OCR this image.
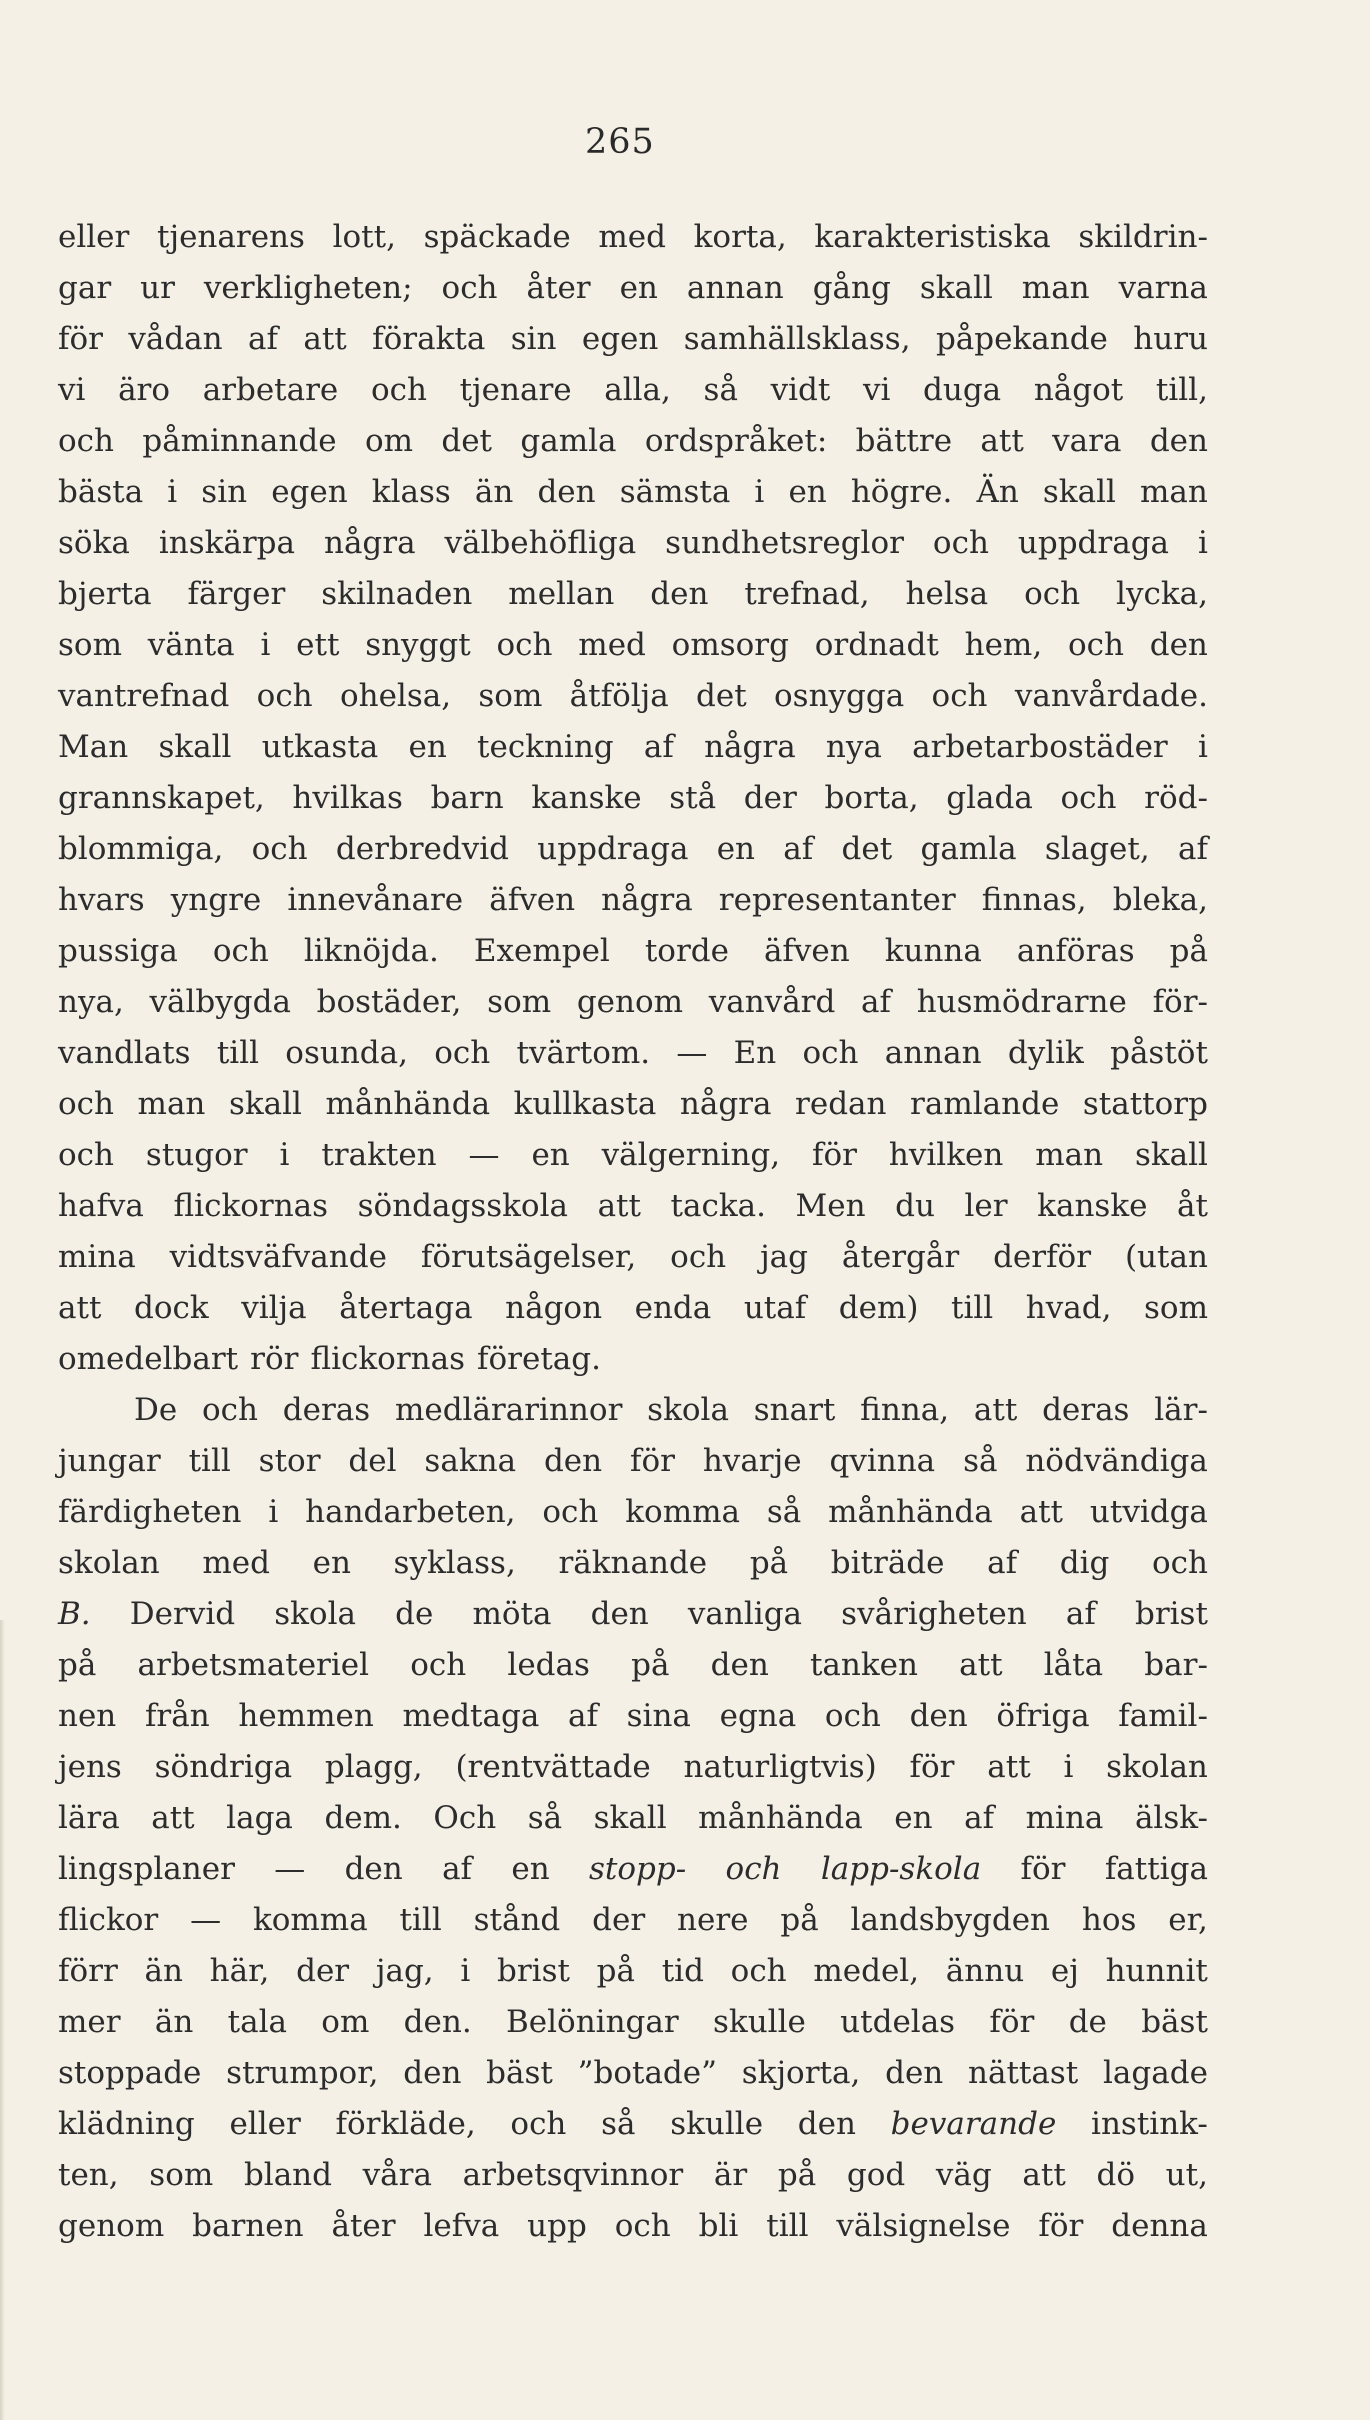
265
eller tjenarens lott, späckade med korta, karakteristiska skildrin-
gar ur verkligheten; och åter en annan gång skall man varna
för vådan af att förakta sin egen samhällsklass, påpekande huru
vi äro arbetare och tjenare alla, så vidt vi duga något till,
och påminnande om det gamla ordspråket: bättre att vara den
bästa i sin egen klass än den sämsta i en högre. Än skall man
söka inskärpa några välbehöfliga sundhetsreglor och uppdraga i
bjerta färger skilnaden mellan den trefnad, helsa och lycka,
som vänta i ett snyggt och med omsorg ordnadt hem, och den
vantrefnad och ohelsa, som åtfölja det osnygga och vanvårdade.
Man skall utkasta en teckning af några nya arbetarbostäder i
grannskapet, hvilkas barn kanske stå der borta, glada och röd-
blommiga, och derbredvid uppdraga en af det gamla slaget, af
hvars yngre innevånare äfven några representanter finnas, bleka,
pussiga och liknöjda. Exempel torde äfven kunna anföras på
nya, välbygda bostäder, som genom vanvård af husmödrarne för-
vandlats till osunda, och tvärtom. — En och annan dylik påstöt
och man skall månhända kullkasta några redan ramlande stattorp
och stugor i trakten — en välgerning, för hvilken man skall
hafva flickornas söndagsskola att tacka. Men du ler kanske åt
mina vidtsväfvande förutsägelser, och jag återgår derför (utan
att dock vilja återtaga någon enda utaf dem) till hvad, som
omedelbart rör flickornas företag.
De och deras medlärarinnor skola snart finna, att deras lär-
jungar till stor del sakna den för hvarje qvinna så nödvändiga
färdigheten i handarbeten, och komma så månhända att utvidga
skolan med en syklass, räknande på biträde af dig och
B. Dervid skola de möta den vanliga svårigheten af brist
på arbetsmateriel och ledas på den tanken att låta bar-
nen från hemmen medtaga af sina egna och den öfriga famil-
jens söndriga plagg, (rentvättade naturligtvis) för att i skolan
lära att laga dem. Och så skall månhända en af mina älsk-
lingsplaner — den af en stopp- och lapp-skola för fattiga
flickor — komma till stånd der nere på landsbygden hos er,
förr än här, der jag, i brist på tid och medel, ännu ej hunnit
mer än tala om den. Belöningar skulle utdelas för de bäst
stoppade strumpor, den bäst ”botade” skjorta, den nättast lagade
klädning eller förkläde, och så skulle den bevarande instink-
ten, som bland våra arbetsqvinnor är på god väg att dö ut,
genom barnen åter lefva upp och bli till välsignelse för denna
